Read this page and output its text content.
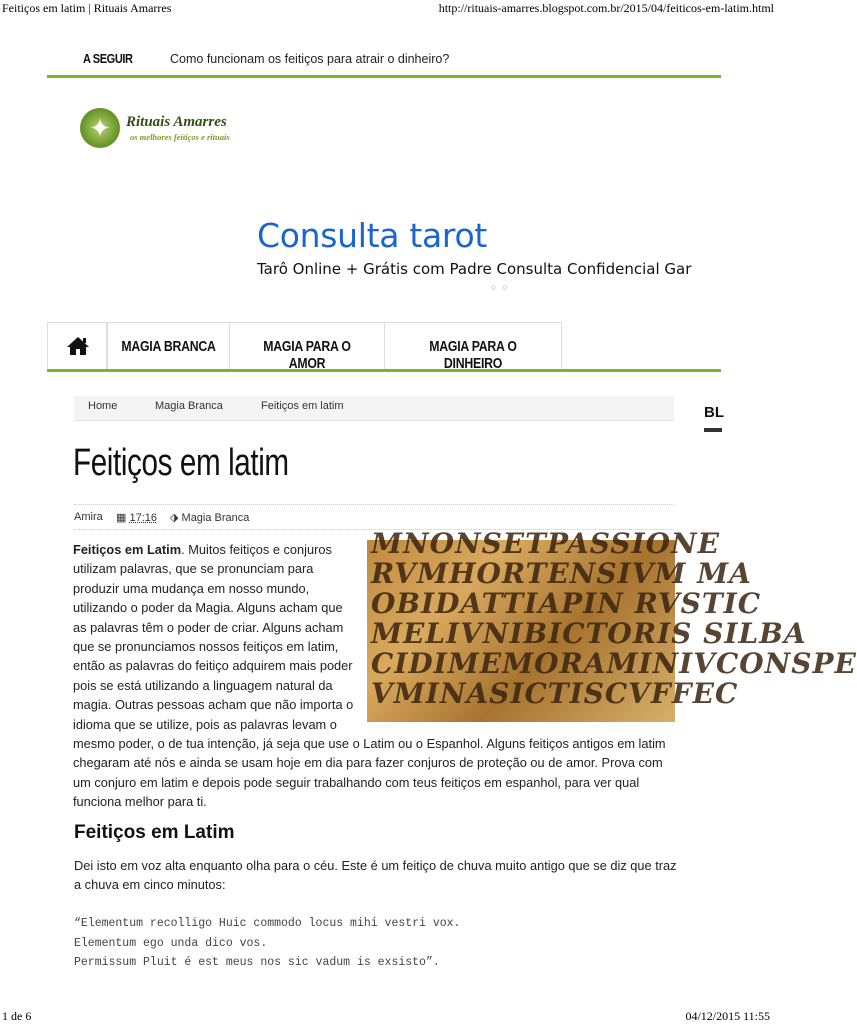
Feitiços em latim | Rituais Amarres	http://rituais-amarres.blogspot.com.br/2015/04/feiticos-em-latim.html
A SEGUIR	Como funcionam os feitiços para atrair o dinheiro?
✦	Rituais Amarres
os melhores feitiços e rituais
Consulta tarot
Tarô Online + Grátis com Padre Consulta Confidencial Gar
○○
MAGIA BRANCA	MAGIA PARA O AMOR
MAGIA PARA O DINHEIRO
Home	Magia Branca	Feitiços em latim	BL
Feitiços em latim
Amira ▦ 17:16 ⬗ Magia Branca
MNONSETPASSIONE
RVMHORTENSIVM MA
OBIDATTIAPIN RVSTIC
MELIVNIBICTORIS SILBA
CIDIMEMORAMINIVCONSPE
VMINASICTISCVFFEC

Feitiços em Latim. Muitos feitiços e conjuros utilizam palavras, que se pronunciam para produzir uma mudança em nosso mundo, utilizando o poder da Magia. Alguns acham que as palavras têm o poder de criar. Alguns acham que se pronunciamos nossos feitiços em latim, então as palavras do feitiço adquirem mais poder pois se está utilizando a linguagem natural da magia. Outras pessoas acham que não importa o idioma que se utilize, pois as palavras levam o mesmo poder, o de tua intenção, já seja que use o Latim ou o Espanhol. Alguns feitiços antigos em latim chegaram até nós e ainda se usam hoje em dia para fazer conjuros de proteção ou de amor. Prova com um conjuro em latim e depois pode seguir trabalhando com teus feitiços em espanhol, para ver qual funciona melhor para ti.

Feitiços em Latim
Dei isto em voz alta enquanto olha para o céu. Este é um feitiço de chuva muito antigo que se diz que traz a chuva em cinco minutos:
“Elementum recolligo Huic commodo locus mihi vestri vox.
Elementum ego unda dico vos.
Permissum Pluit é est meus nos sic vadum is exsisto”.
1 de 6	04/12/2015 11:55
